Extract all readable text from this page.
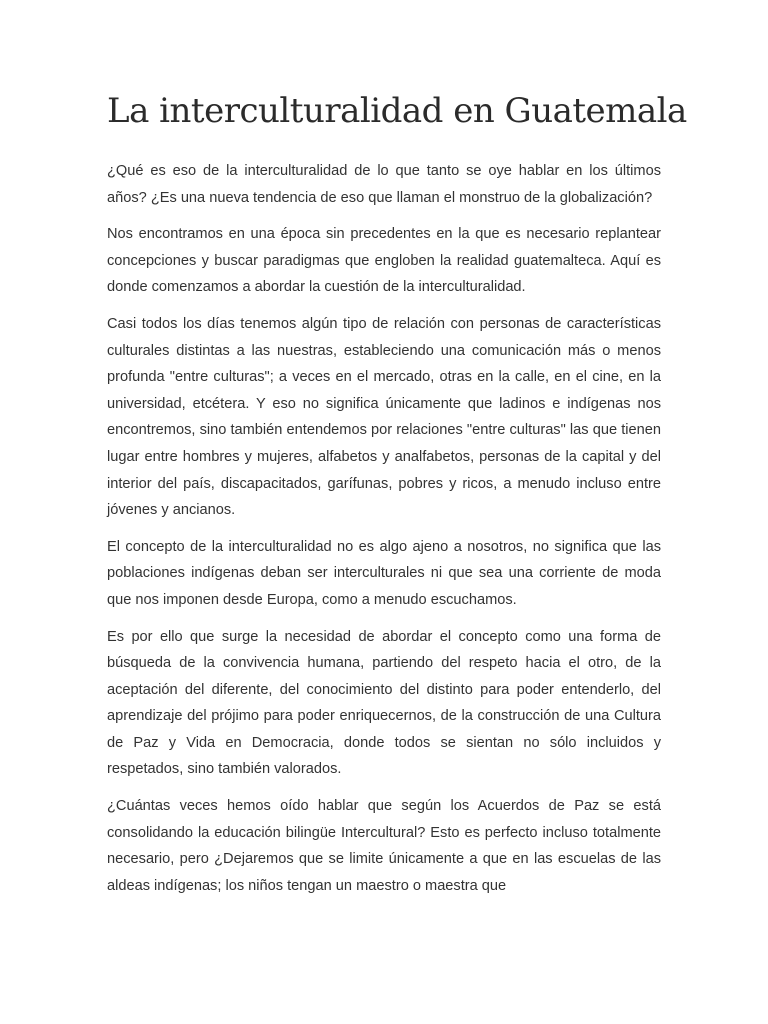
La interculturalidad en Guatemala

¿Qué es eso de la interculturalidad de lo que tanto se oye hablar en los últimos años? ¿Es una nueva tendencia de eso que llaman el monstruo de la globalización?

Nos encontramos en una época sin precedentes en la que es necesario replantear concepciones y buscar paradigmas que engloben la realidad guatemalteca. Aquí es donde comenzamos a abordar la cuestión de la interculturalidad.

Casi todos los días tenemos algún tipo de relación con personas de características culturales distintas a las nuestras, estableciendo una comunicación más o menos profunda "entre culturas"; a veces en el mercado, otras en la calle, en el cine, en la universidad, etcétera. Y eso no significa únicamente que ladinos e indígenas nos encontremos, sino también entendemos por relaciones "entre culturas" las que tienen lugar entre hombres y mujeres, alfabetos y analfabetos, personas de la capital y del interior del país, discapacitados, garífunas, pobres y ricos, a menudo incluso entre jóvenes y ancianos.

El concepto de la interculturalidad no es algo ajeno a nosotros, no significa que las poblaciones indígenas deban ser interculturales ni que sea una corriente de moda que nos imponen desde Europa, como a menudo escuchamos.

Es por ello que surge la necesidad de abordar el concepto como una forma de búsqueda de la convivencia humana, partiendo del respeto hacia el otro, de la aceptación del diferente, del conocimiento del distinto para poder entenderlo, del aprendizaje del prójimo para poder enriquecernos, de la construcción de una Cultura de Paz y Vida en Democracia, donde todos se sientan no sólo incluidos y respetados, sino también valorados.

¿Cuántas veces hemos oído hablar que según los Acuerdos de Paz se está consolidando la educación bilingüe Intercultural? Esto es perfecto incluso totalmente necesario, pero ¿Dejaremos que se limite únicamente a que en las escuelas de las aldeas indígenas; los niños tengan un maestro o maestra que
